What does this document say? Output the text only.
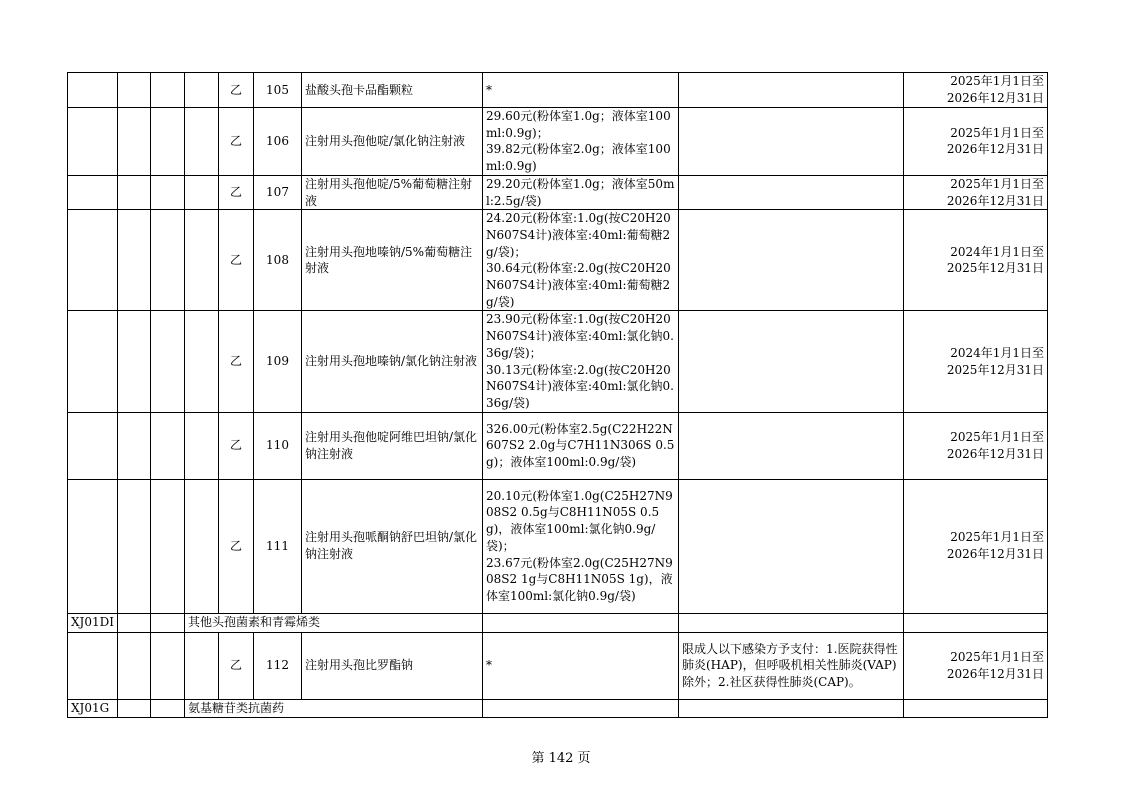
				乙	105	盐酸头孢卡品酯颗粒	*		2025年1月1日至
2026年12月31日
				乙	106	注射用头孢他啶/氯化钠注射液	29.60元(粉体室1.0g；液体室100ml:0.9g)；
39.82元(粉体室2.0g；液体室100ml:0.9g)		2025年1月1日至
2026年12月31日
				乙	107	注射用头孢他啶/5%葡萄糖注射液	29.20元(粉体室1.0g；液体室50ml:2.5g/袋)		2025年1月1日至
2026年12月31日
				乙	108	注射用头孢地嗪钠/5%葡萄糖注射液	24.20元(粉体室:1.0g(按C20H20N607S4计)液体室:40ml:葡萄糖2g/袋)；
30.64元(粉体室:2.0g(按C20H20N607S4计)液体室:40ml:葡萄糖2g/袋)		2024年1月1日至
2025年12月31日
				乙	109	注射用头孢地嗪钠/氯化钠注射液	23.90元(粉体室:1.0g(按C20H20N607S4计)液体室:40ml:氯化钠0.36g/袋)；
30.13元(粉体室:2.0g(按C20H20N607S4计)液体室:40ml:氯化钠0.36g/袋)		2024年1月1日至
2025年12月31日
				乙	110	注射用头孢他啶阿维巴坦钠/氯化钠注射液	326.00元(粉体室2.5g(C22H22N607S2 2.0g与C7H11N306S 0.5g)；液体室100ml:0.9g/袋)		2025年1月1日至
2026年12月31日
				乙	111	注射用头孢哌酮钠舒巴坦钠/氯化钠注射液	20.10元(粉体室1.0g(C25H27N908S2 0.5g与C8H11N05S 0.5g)，液体室100ml:氯化钠0.9g/袋)；
23.67元(粉体室2.0g(C25H27N908S2 1g与C8H11N05S 1g)，液体室100ml:氯化钠0.9g/袋)		2025年1月1日至
2026年12月31日
XJ01DI			其他头孢菌素和青霉烯类						
				乙	112	注射用头孢比罗酯钠	*	限成人以下感染方予支付：1.医院获得性肺炎(HAP)，但呼吸机相关性肺炎(VAP)除外；2.社区获得性肺炎(CAP)。	2025年1月1日至
2026年12月31日
XJ01G			氨基糖苷类抗菌药						
第 142 页
